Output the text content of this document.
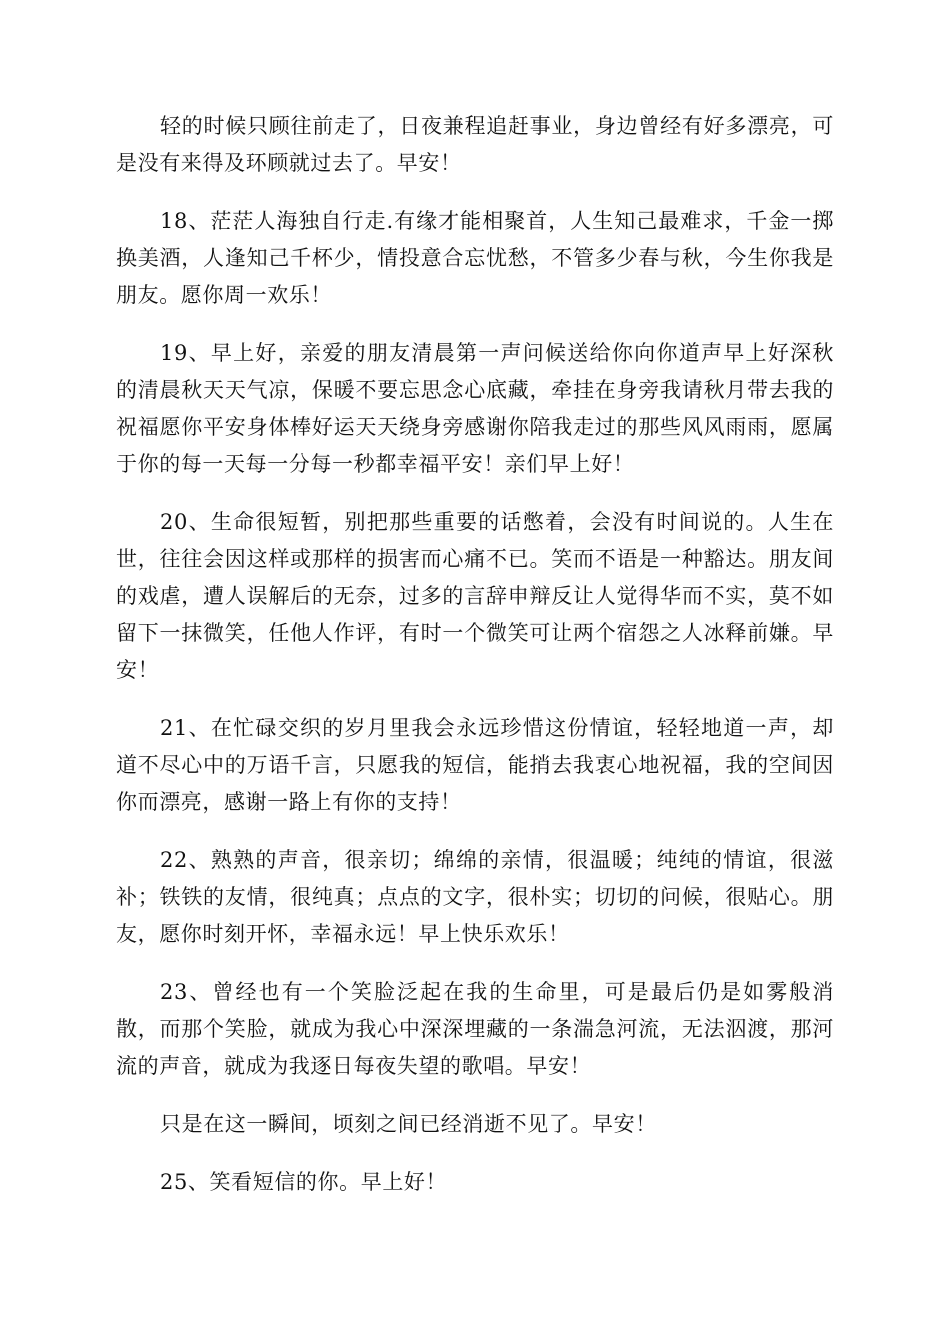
轻的时候只顾往前走了，日夜兼程追赶事业，身边曾经有好多漂亮，可是没有来得及环顾就过去了。早安！

18、茫茫人海独自行走.有缘才能相聚首，人生知己最难求，千金一掷换美酒，人逢知己千杯少，情投意合忘忧愁，不管多少春与秋，今生你我是朋友。愿你周一欢乐！

19、早上好，亲爱的朋友清晨第一声问候送给你向你道声早上好深秋的清晨秋天天气凉，保暖不要忘思念心底藏，牵挂在身旁我请秋月带去我的祝福愿你平安身体棒好运天天绕身旁感谢你陪我走过的那些风风雨雨，愿属于你的每一天每一分每一秒都幸福平安！亲们早上好！

20、生命很短暂，别把那些重要的话憋着，会没有时间说的。人生在世，往往会因这样或那样的损害而心痛不已。笑而不语是一种豁达。朋友间的戏虐，遭人误解后的无奈，过多的言辞申辩反让人觉得华而不实，莫不如留下一抹微笑，任他人作评，有时一个微笑可让两个宿怨之人冰释前嫌。早安！

21、在忙碌交织的岁月里我会永远珍惜这份情谊，轻轻地道一声，却道不尽心中的万语千言，只愿我的短信，能捎去我衷心地祝福，我的空间因你而漂亮，感谢一路上有你的支持！

22、熟熟的声音，很亲切；绵绵的亲情，很温暖；纯纯的情谊，很滋补；铁铁的友情，很纯真；点点的文字，很朴实；切切的问候，很贴心。朋友，愿你时刻开怀，幸福永远！早上快乐欢乐！

23、曾经也有一个笑脸泛起在我的生命里，可是最后仍是如雾般消散，而那个笑脸，就成为我心中深深埋藏的一条湍急河流，无法泅渡，那河流的声音，就成为我逐日每夜失望的歌唱。早安！

只是在这一瞬间，顷刻之间已经消逝不见了。早安！

25、笑看短信的你。早上好！
